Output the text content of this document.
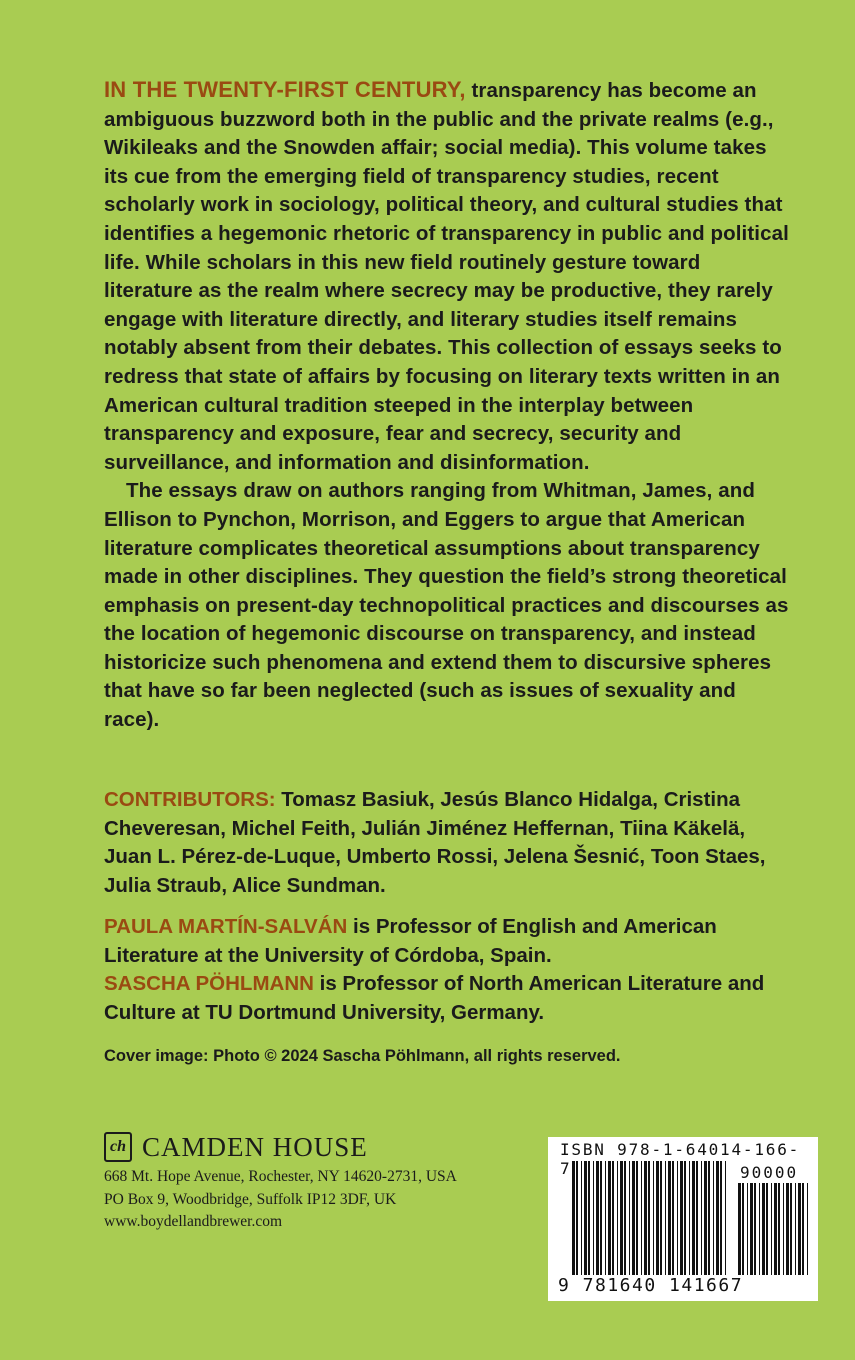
IN THE TWENTY-FIRST CENTURY, transparency has become an ambiguous buzzword both in the public and the private realms (e.g., Wikileaks and the Snowden affair; social media). This volume takes its cue from the emerging field of transparency studies, recent scholarly work in sociology, political theory, and cultural studies that identifies a hegemonic rhetoric of transparency in public and political life. While scholars in this new field routinely gesture toward literature as the realm where secrecy may be productive, they rarely engage with literature directly, and literary studies itself remains notably absent from their debates. This collection of essays seeks to redress that state of affairs by focusing on literary texts written in an American cultural tradition steeped in the interplay between transparency and exposure, fear and secrecy, security and surveillance, and information and disinformation.

The essays draw on authors ranging from Whitman, James, and Ellison to Pynchon, Morrison, and Eggers to argue that American literature complicates theoretical assumptions about transparency made in other disciplines. They question the field’s strong theoretical emphasis on present-day technopolitical practices and discourses as the location of hegemonic discourse on transparency, and instead historicize such phenomena and extend them to discursive spheres that have so far been neglected (such as issues of sexuality and race).

CONTRIBUTORS: Tomasz Basiuk, Jesús Blanco Hidalga, Cristina Cheveresan, Michel Feith, Julián Jiménez Heffernan, Tiina Käkelä, Juan L. Pérez-de-Luque, Umberto Rossi, Jelena Šesnić, Toon Staes, Julia Straub, Alice Sundman.

PAULA MARTÍN-SALVÁN is Professor of English and American Literature at the University of Córdoba, Spain.

SASCHA PÖHLMANN is Professor of North American Literature and Culture at TU Dortmund University, Germany.

Cover image: Photo © 2024 Sascha Pöhlmann, all rights reserved.

ch CAMDEN HOUSE
668 Mt. Hope Avenue, Rochester, NY 14620-2731, USA
PO Box 9, Woodbridge, Suffolk IP12 3DF, UK
www.boydellandbrewer.com
ISBN 978-1-64014-166-7	90000
9 781640 141667
